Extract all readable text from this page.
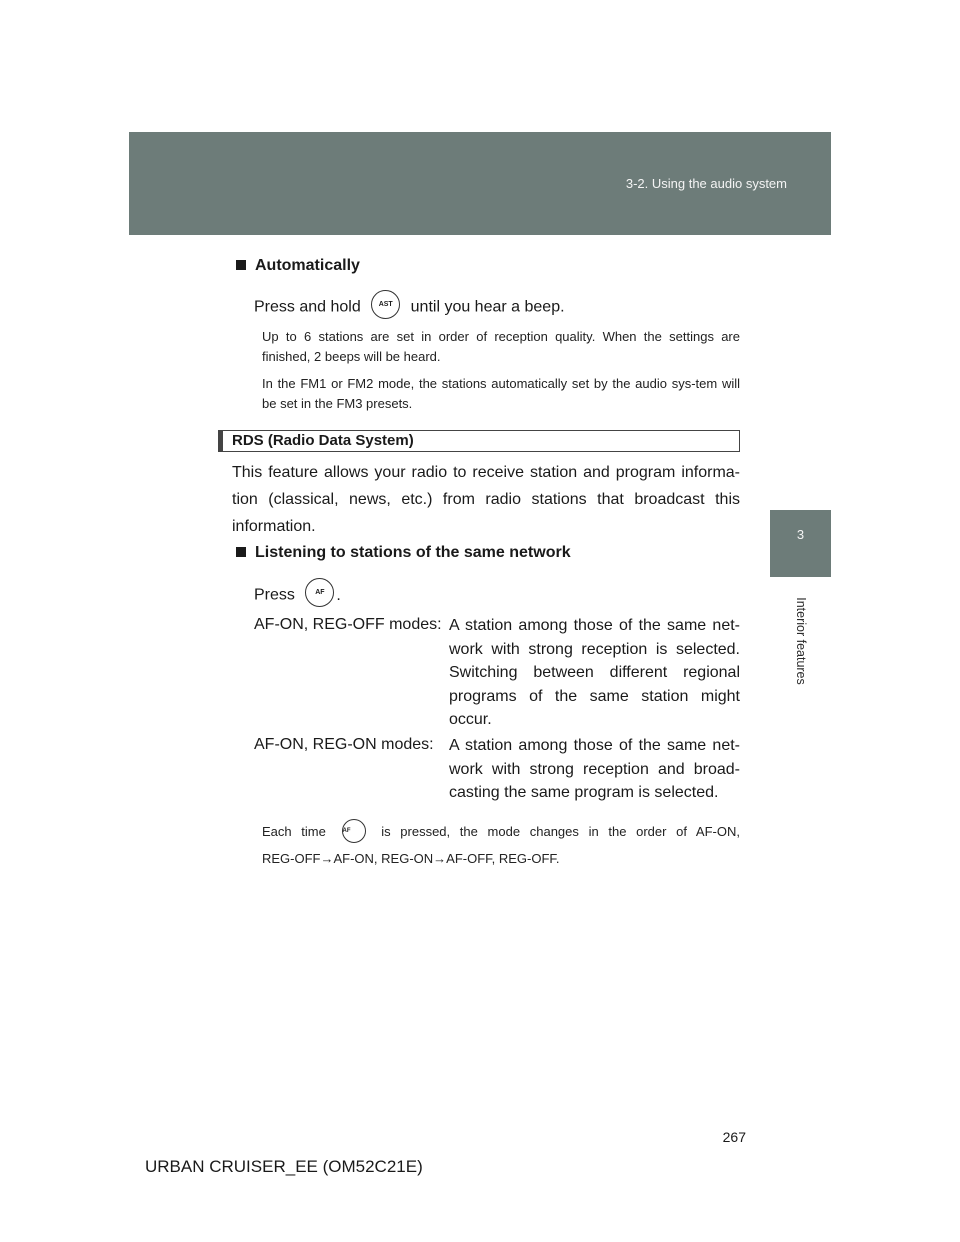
3-2. Using the audio system
3
Interior features
Automatically
Press and hold	AST until you hear a beep.
Up to 6 stations are set in order of reception quality. When the settings are finished, 2 beeps will be heard.
In the FM1 or FM2 mode, the stations automatically set by the audio sys-tem will be set in the FM3 presets.
RDS (Radio Data System)
This feature allows your radio to receive station and program informa-tion (classical, news, etc.) from radio stations that broadcast this information.
Listening to stations of the same network
Press	AF .
AF-ON, REG-OFF modes: A station among those of the same net-work with strong reception is selected. Switching between different regional programs of the same station might occur.
AF-ON, REG-ON modes: A station among those of the same net-work with strong reception and broad-casting the same program is selected.
Each time	AF is pressed, the mode changes in the order of AF-ON,
REG-OFF→AF-ON, REG-ON→AF-OFF, REG-OFF.
267
URBAN CRUISER_EE (OM52C21E)
